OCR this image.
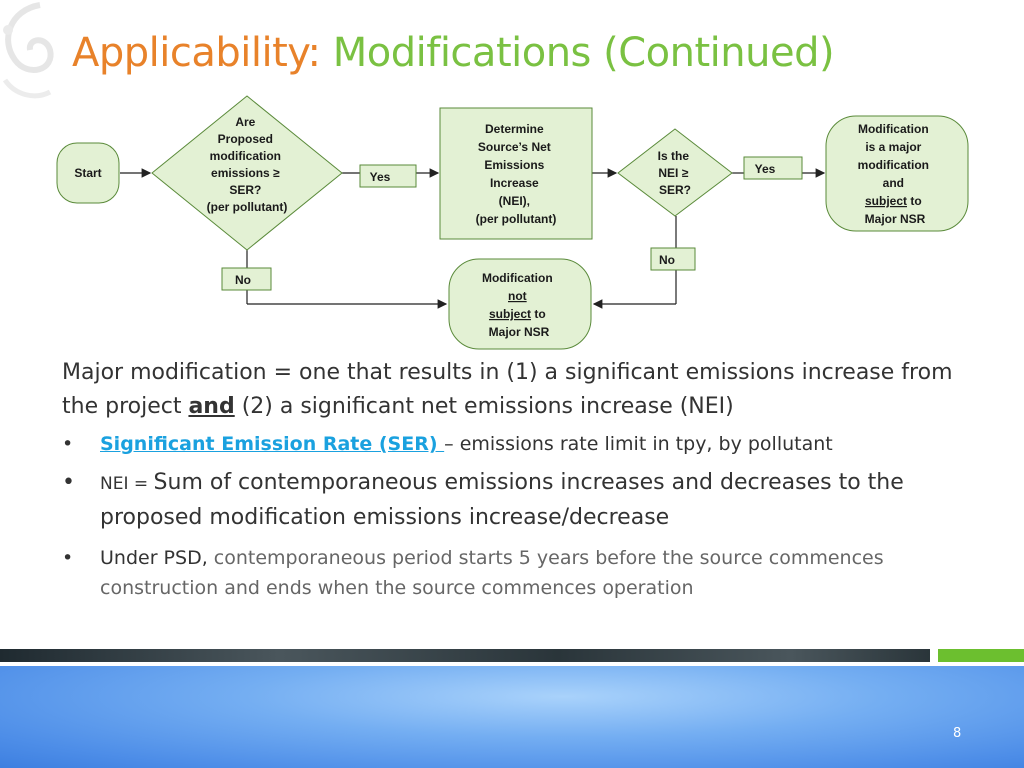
Applicability: Modifications (Continued)
Start
Are Proposed modification emissions ≥ SER? (per pollutant)
Yes
No
Determine Source’s Net Emissions Increase (NEI), (per pollutant)
Is the NEI ≥ SER?
Yes
No
Modification is a major modification and subject to Major NSR
Modification not subject to Major NSR
Major modification = one that results in (1) a significant emissions increase from the project and (2) a significant net emissions increase (NEI)
• Significant Emission Rate (SER) – emissions rate limit in tpy, by pollutant
• NEI = Sum of contemporaneous emissions increases and decreases to the proposed modification emissions increase/decrease
• Under PSD, contemporaneous period starts 5 years before the source commences construction and ends when the source commences operation
8
